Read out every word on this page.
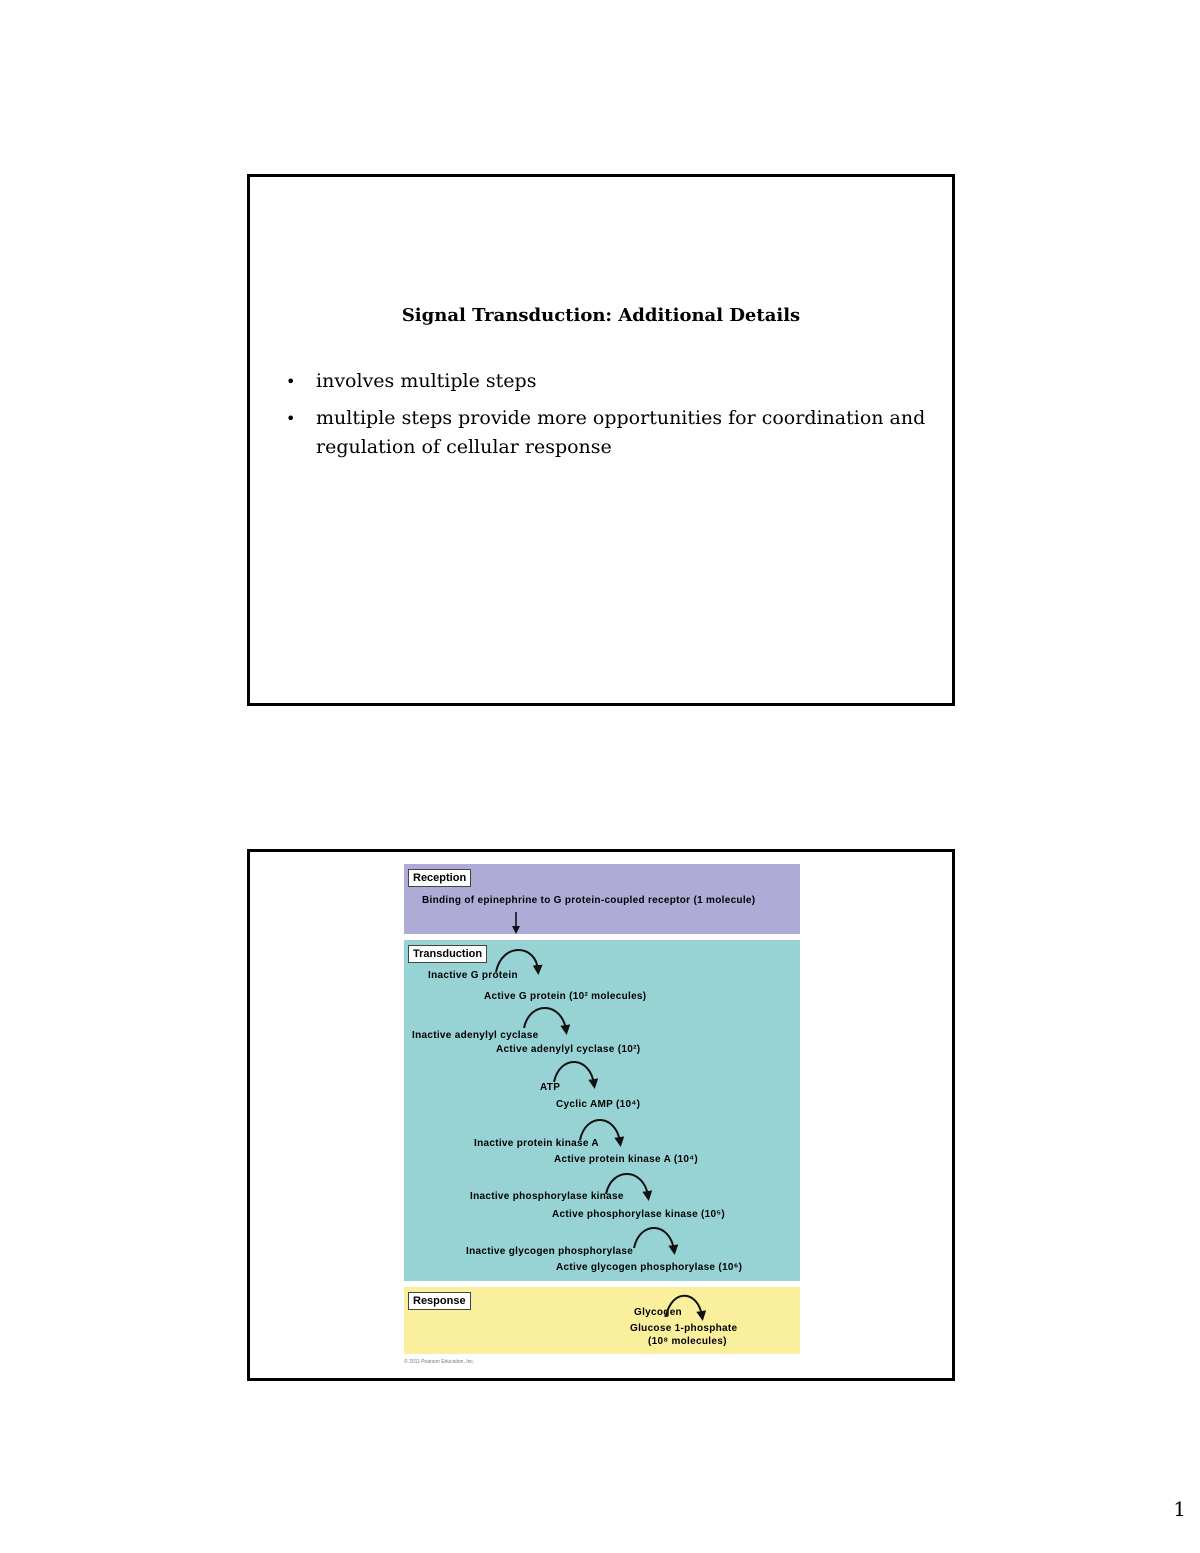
Signal Transduction: Additional Details
• involves multiple steps
• multiple steps provide more opportunities for coordination and regulation of cellular response
Reception
Binding of epinephrine to G protein-coupled receptor (1 molecule)
Transduction
Inactive G protein
Active G protein (10² molecules)
Inactive adenylyl cyclase
Active adenylyl cyclase (10²)
ATP
Cyclic AMP (10⁴)
Inactive protein kinase A
Active protein kinase A (10⁴)
Inactive phosphorylase kinase
Active phosphorylase kinase (10⁵)
Inactive glycogen phosphorylase
Active glycogen phosphorylase (10⁶)
Response
Glycogen
Glucose 1-phosphate
(10⁸ molecules)
© 2011 Pearson Education, Inc.
1
